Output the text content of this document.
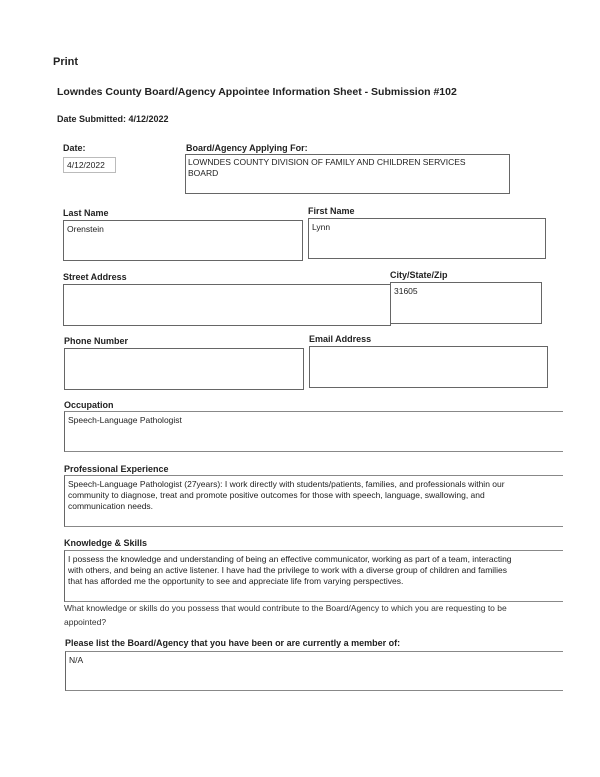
Print
Lowndes County Board/Agency Appointee Information Sheet - Submission #102
Date Submitted: 4/12/2022
Date:
4/12/2022
Board/Agency Applying For:
LOWNDES COUNTY DIVISION OF FAMILY AND CHILDREN SERVICES BOARD
Last Name
Orenstein
First Name
Lynn
Street Address	City/State/Zip
31605
Phone Number	Email Address
Occupation
Speech-Language Pathologist
Professional Experience
Speech-Language Pathologist (27years): I work directly with students/patients, families, and professionals within our community to diagnose, treat and promote positive outcomes for those with speech, language, swallowing, and communication needs.
Knowledge & Skills
I possess the knowledge and understanding of being an effective communicator, working as part of a team, interacting with others, and being an active listener. I have had the privilege to work with a diverse group of children and families that has afforded me the opportunity to see and appreciate life from varying perspectives.
What knowledge or skills do you possess that would contribute to the Board/Agency to which you are requesting to be appointed?
Please list the Board/Agency that you have been or are currently a member of:
N/A
